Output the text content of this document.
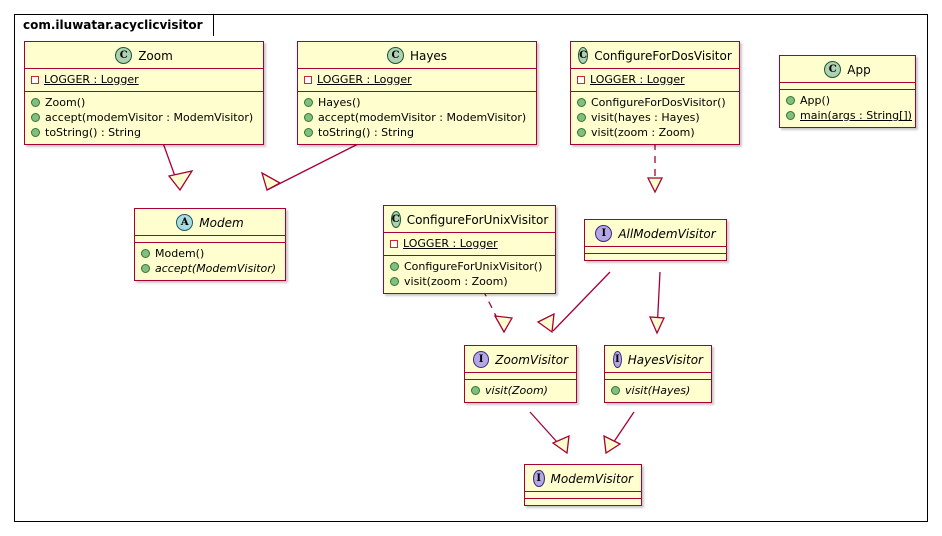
com.iluwatar.acyclicvisitor
C Zoom
LOGGER : Logger
Zoom()
accept(modemVisitor : ModemVisitor)
toString() : String
C Hayes
LOGGER : Logger
Hayes()
accept(modemVisitor : ModemVisitor)
toString() : String
C ConfigureForDosVisitor
LOGGER : Logger
ConfigureForDosVisitor()
visit(hayes : Hayes)
visit(zoom : Zoom)
C App
App()
main(args : String[])
A Modem
Modem()
accept(ModemVisitor)
C ConfigureForUnixVisitor
LOGGER : Logger
ConfigureForUnixVisitor()
visit(zoom : Zoom)
I	AllModemVisitor
I ZoomVisitor
visit(Zoom)
I HayesVisitor
visit(Hayes)
I ModemVisitor
